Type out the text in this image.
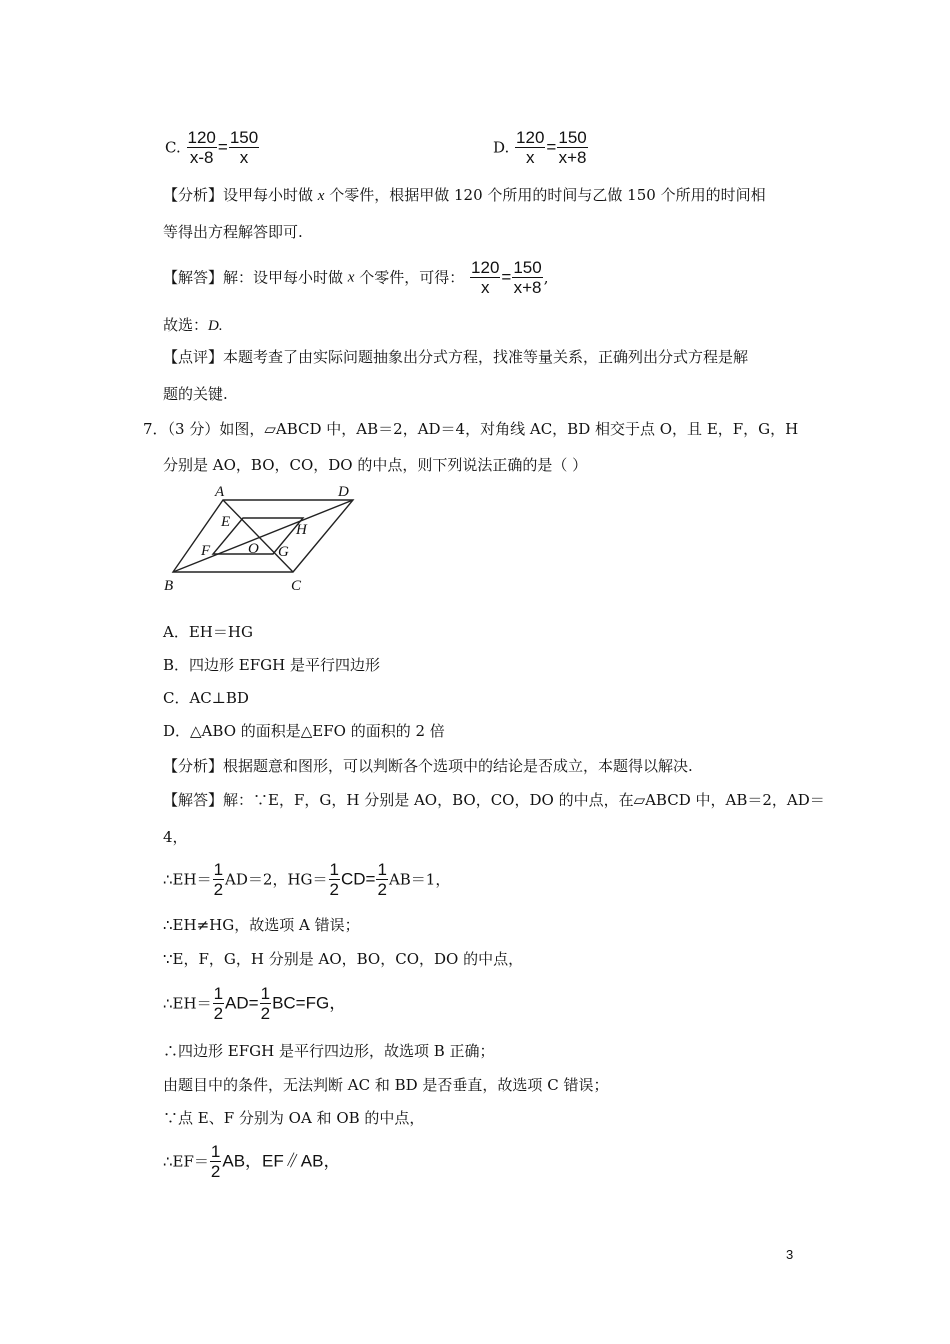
C. $\frac{120}{x-8} = \frac{150}{x}$	D. $\frac{120}{x} = \frac{150}{x+8}$
【分析】设甲每小时做 x 个零件，根据甲做 120 个所用的时间与乙做 150 个所用的时间相
等得出方程解答即可.
【解答】解：设甲每小时做 x 个零件，可得： $\frac{120}{x} = \frac{150}{x+8}$ ,
故选：D.
【点评】本题考查了由实际问题抽象出分式方程，找准等量关系，正确列出分式方程是解
题的关键.
7．（3 分）如图，▱ABCD 中，AB＝2，AD＝4，对角线 AC，BD 相交于点 O，且 E，F，G，H
分别是 AO，BO，CO，DO 的中点，则下列说法正确的是（ ）
A	D
B	C
E	H
F	O G
A．EH＝HG
B．四边形 EFGH 是平行四边形
C．AC⊥BD
D．△ABO 的面积是△EFO 的面积的 2 倍
【分析】根据题意和图形，可以判断各个选项中的结论是否成立，本题得以解决.
【解答】解：∵E，F，G，H 分别是 AO，BO，CO，DO 的中点，在▱ABCD 中，AB＝2，AD＝
4，
∴EH＝ $\frac{1}{2} AD=2$，$HG= \frac{1}{2} CD= \frac{1}{2} AB=1$，
∴EH≠HG，故选项 A 错误；
∵E，F，G，H 分别是 AO，BO，CO，DO 的中点，
∴EH＝ $\frac{1}{2} AD= \frac{1}{2} BC=FG$，
∴四边形 EFGH 是平行四边形，故选项 B 正确；
由题目中的条件，无法判断 AC 和 BD 是否垂直，故选项 C 错误；
∵点 E、F 分别为 OA 和 OB 的中点，
∴EF＝ $\frac{1}{2}$ AB，EF∥AB，
3
